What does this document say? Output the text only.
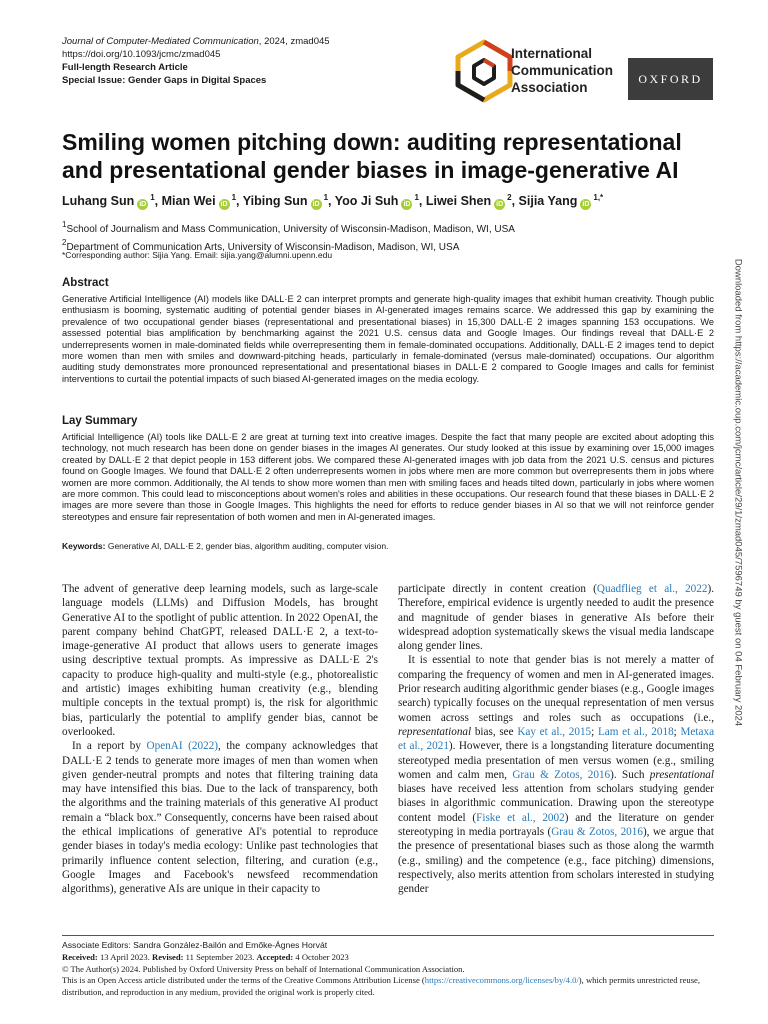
Journal of Computer-Mediated Communication, 2024, zmad045
https://doi.org/10.1093/jcmc/zmad045
Full-length Research Article
Special Issue: Gender Gaps in Digital Spaces
International
Communication
Association
OXFORD
Smiling women pitching down: auditing representational and presentational gender biases in image-generative AI
Luhang Sun $iD^1$, Mian Wei $iD^1$, Yibing Sun $iD^1$, Yoo Ji Suh $iD^1$, Liwei Shen $iD^2$, Sijia Yang $iD^{1,*}$
$^1$School of Journalism and Mass Communication, University of Wisconsin-Madison, Madison, WI, USA
$^2$Department of Communication Arts, University of Wisconsin-Madison, Madison, WI, USA
*Corresponding author: Sijia Yang. Email: sijia.yang@alumni.upenn.edu
Abstract

Generative Artificial Intelligence (AI) models like DALL·E 2 can interpret prompts and generate high-quality images that exhibit human creativity. Though public enthusiasm is booming, systematic auditing of potential gender biases in AI-generated images remains scarce. We addressed this gap by examining the prevalence of two occupational gender biases (representational and presentational biases) in 15,300 DALL·E 2 images spanning 153 occupations. We assessed potential bias amplification by benchmarking against the 2021 U.S. census data and Google Images. Our findings reveal that DALL·E 2 underrepresents women in male-dominated fields while overrepresenting them in female-dominated occupations. Additionally, DALL·E 2 images tend to depict more women than men with smiles and downward-pitching heads, particularly in female-dominated (versus male-dominated) occupations. Our algorithm auditing study demonstrates more pronounced representational and presentational biases in DALL·E 2 compared to Google Images and calls for feminist interventions to curtail the potential impacts of such biased AI-generated images on the media ecology.

Lay Summary

Artificial Intelligence (AI) tools like DALL·E 2 are great at turning text into creative images. Despite the fact that many people are excited about adopting this technology, not much research has been done on gender biases in the images AI generates. Our study looked at this issue by examining over 15,000 images created by DALL·E 2 that depict people in 153 different jobs. We compared these AI-generated images with job data from the 2021 U.S. census and pictures found on Google Images. We found that DALL·E 2 often underrepresents women in jobs where men are more common but overrepresents them in jobs where women are more common. Additionally, the AI tends to show more women than men with smiling faces and heads tilted down, particularly in jobs where women are more common. This could lead to misconceptions about women's roles and abilities in these occupations. Our research found that these biases in DALL·E 2 images are more severe than those in Google Images. This highlights the need for efforts to reduce gender biases in AI so that we will not reinforce gender stereotypes and ensure fair representation of both women and men in AI-generated images.

Keywords: Generative AI, DALL·E 2, gender bias, algorithm auditing, computer vision.

The advent of generative deep learning models, such as large-scale language models (LLMs) and Diffusion Models, has brought Generative AI to the spotlight of public attention. In 2022 OpenAI, the parent company behind ChatGPT, released DALL·E 2, a text-to-image-generative AI product that allows users to generate images using descriptive textual prompts. As impressive as DALL·E 2's capacity to produce high-quality and multi-style (e.g., photorealistic and artistic) images exhibiting human creativity (e.g., blending multiple concepts in the textual prompt) is, the risk for algorithmic bias, particularly the potential to amplify gender bias, cannot be overlooked.

In a report by OpenAI (2022), the company acknowledges that DALL·E 2 tends to generate more images of men than women when given gender-neutral prompts and notes that filtering training data may have intensified this bias. Due to the lack of transparency, both the algorithms and the training materials of this generative AI product remain a “black box.” Consequently, concerns have been raised about the ethical implications of generative AI's potential to reproduce gender biases in today's media ecology: Unlike past technologies that primarily influence content selection, filtering, and curation (e.g., Google Images and Facebook's newsfeed recommendation algorithms), generative AIs are unique in their capacity to

participate directly in content creation (Quadflieg et al., 2022). Therefore, empirical evidence is urgently needed to audit the presence and magnitude of gender biases in generative AIs before their widespread adoption systematically skews the visual media landscape along gender lines.

It is essential to note that gender bias is not merely a matter of comparing the frequency of women and men in AI-generated images. Prior research auditing algorithmic gender biases (e.g., Google images search) typically focuses on the unequal representation of men versus women across settings and roles such as occupations (i.e., representational bias, see Kay et al., 2015; Lam et al., 2018; Metaxa et al., 2021). However, there is a longstanding literature documenting stereotyped media presentation of men versus women (e.g., smiling women and calm men, Grau & Zotos, 2016). Such presentational biases have received less attention from scholars studying gender biases in algorithmic communication. Drawing upon the stereotype content model (Fiske et al., 2002) and the literature on gender stereotyping in media portrayals (Grau & Zotos, 2016), we argue that the presence of presentational biases such as those along the warmth (e.g., smiling) and the competence (e.g., face pitching) dimensions, respectively, also merits attention from scholars interested in studying gender

Associate Editors: Sandra González-Bailón and Emőke-Ágnes Horvát
Received: 13 April 2023. Revised: 11 September 2023. Accepted: 4 October 2023
© The Author(s) 2024. Published by Oxford University Press on behalf of International Communication Association.
This is an Open Access article distributed under the terms of the Creative Commons Attribution License (https://creativecommons.org/licenses/by/4.0/), which permits unrestricted reuse, distribution, and reproduction in any medium, provided the original work is properly cited.
Downloaded from https://academic.oup.com/jcmc/article/29/1/zmad045/7596749 by guest on 04 February 2024
